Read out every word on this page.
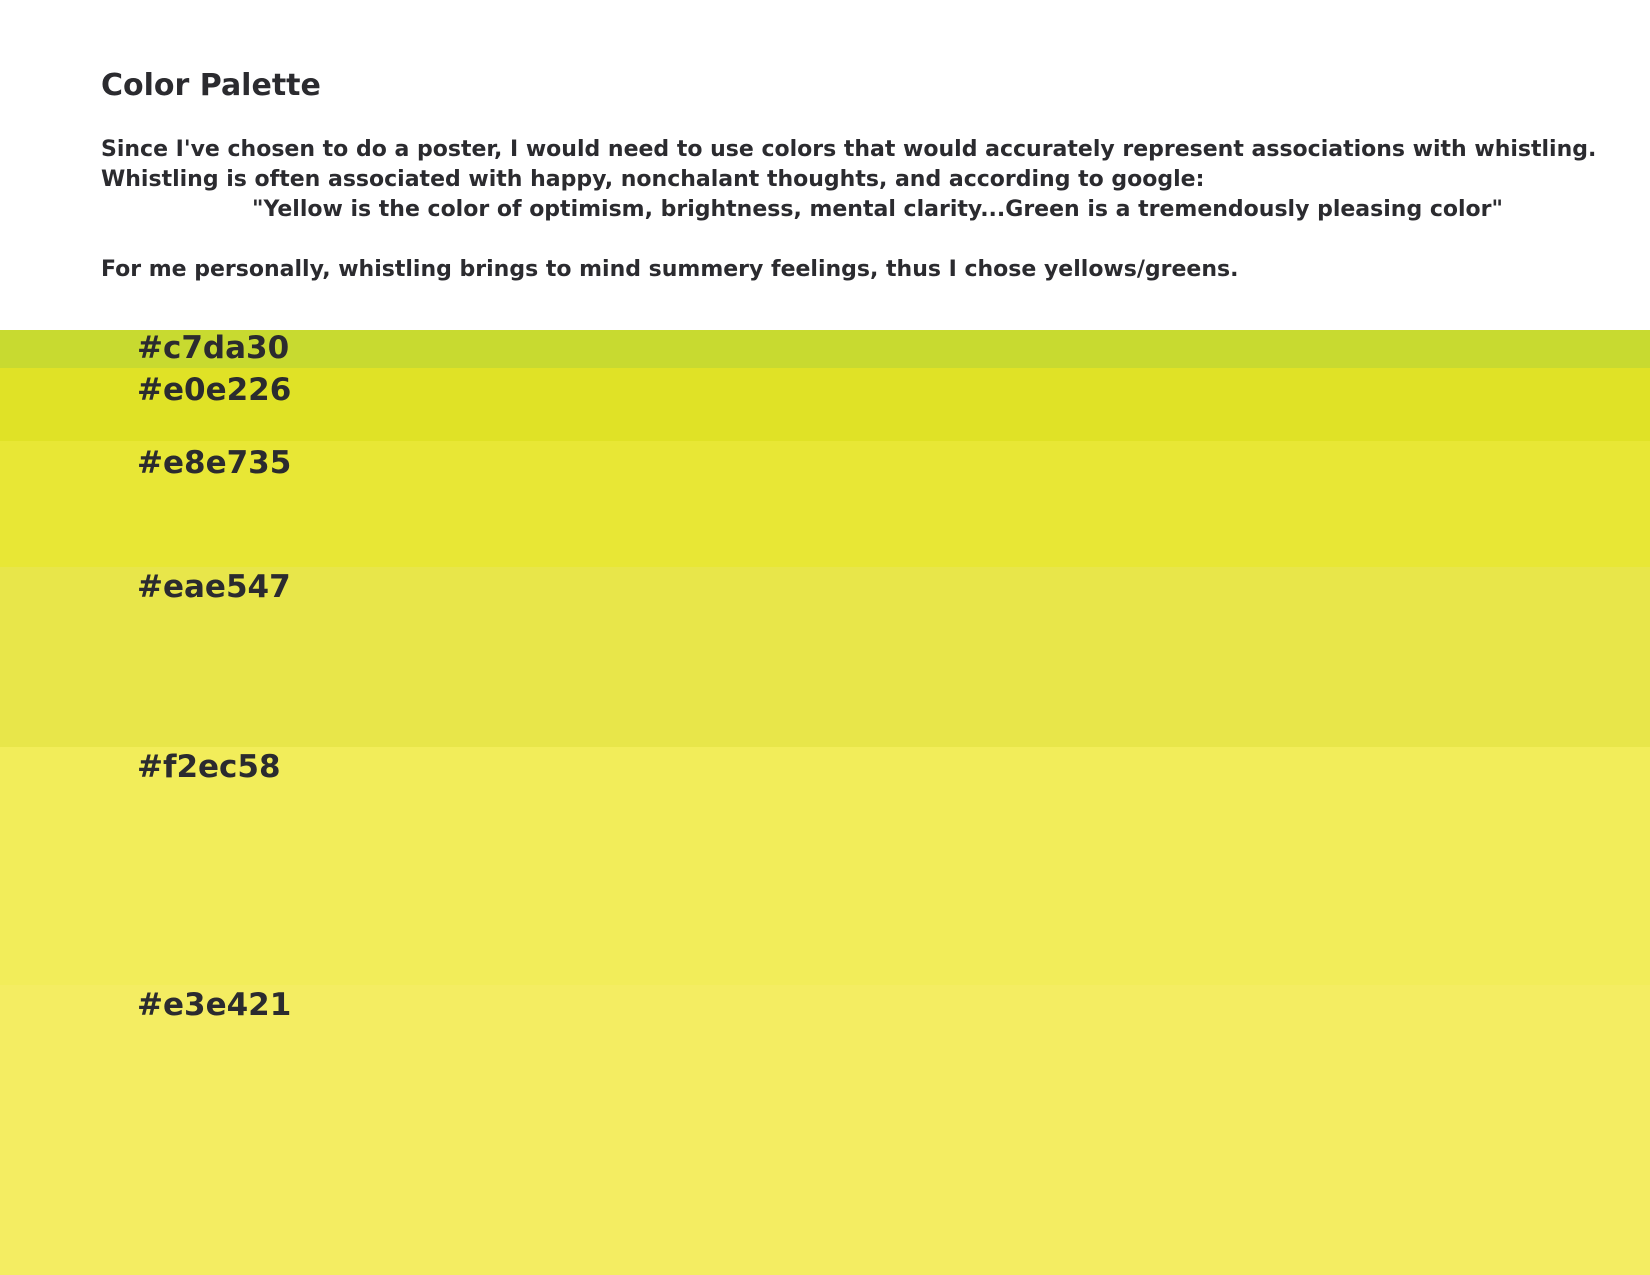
Color Palette

Since I've chosen to do a poster, I would need to use colors that would accurately represent associations with whistling.

Whistling is often associated with happy, nonchalant thoughts, and according to google:

"Yellow is the color of optimism, brightness, mental clarity...Green is a tremendously pleasing color"

For me personally, whistling brings to mind summery feelings, thus I chose yellows/greens.

#c7da30
#e0e226
#e8e735
#eae547
#f2ec58
#e3e421
